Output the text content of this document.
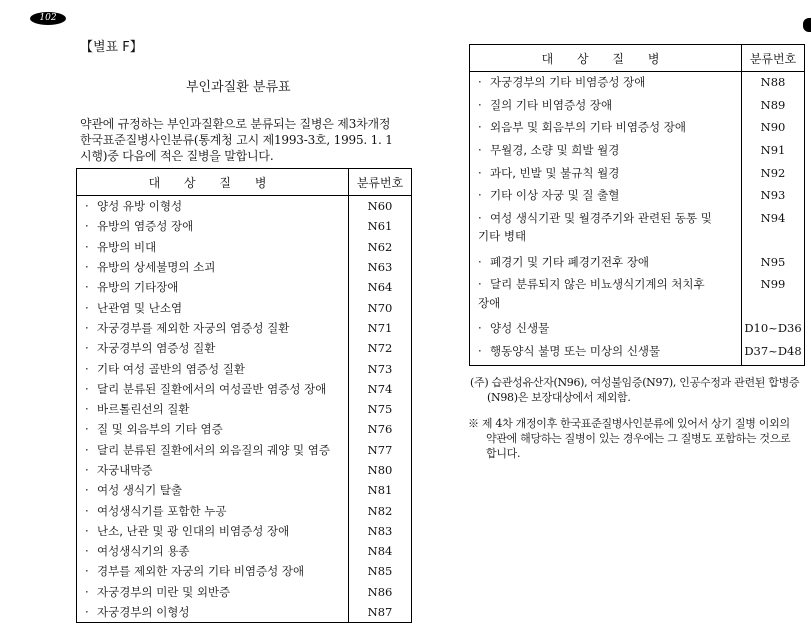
102
【별표 F】
부인과질환 분류표
약관에 규정하는 부인과질환으로 분류되는 질병은 제3차개정
한국표준질병사인분류(통계청 고시 제1993-3호, 1995. 1. 1
시행)중 다음에 적은 질병을 말합니다.
대 상 질 병	분류번호
· 양성 유방 이형성	N60
· 유방의 염증성 장애	N61
· 유방의 비대	N62
· 유방의 상세불명의 소괴	N63
· 유방의 기타장애	N64
· 난관염 및 난소염	N70
· 자궁경부를 제외한 자궁의 염증성 질환	N71
· 자궁경부의 염증성 질환	N72
· 기타 여성 골반의 염증성 질환	N73
· 달리 분류된 질환에서의 여성골반 염증성 장애	N74
· 바르톨린선의 질환	N75
· 질 및 외음부의 기타 염증	N76
· 달리 분류된 질환에서의 외음질의 궤양 및 염증	N77
· 자궁내막증	N80
· 여성 생식기 탈출	N81
· 여성생식기를 포함한 누공	N82
· 난소, 난관 및 광 인대의 비염증성 장애	N83
· 여성생식기의 용종	N84
· 경부를 제외한 자궁의 기타 비염증성 장애	N85
· 자궁경부의 미란 및 외반증	N86
· 자궁경부의 이형성	N87
대 상 질 병	분류번호

· 자궁경부의 기타 비염증성 장애	N88

· 질의 기타 비염증성 장애	N89

· 외음부 및 회음부의 기타 비염증성 장애	N90

· 무월경, 소량 및 희발 월경	N91

· 과다, 빈발 및 불규칙 월경	N92

· 기타 이상 자궁 및 질 출혈	N93

· 여성 생식기관 및 월경주기와 관련된 동통 및
기타 병태	N94

· 폐경기 및 기타 폐경기전후 장애	N95

· 달리 분류되지 않은 비뇨생식기계의 처치후
장애	N99

· 양성 신생물	D10~D36

· 행동양식 불명 또는 미상의 신생물	D37~D48

(주) 습관성유산자(N96), 여성불임증(N97), 인공수정과 관련된 합병증
(N98)은 보장대상에서 제외함.
※ 제 4차 개정이후 한국표준질병사인분류에 있어서 상기 질병 이외의
약관에 해당하는 질병이 있는 경우에는 그 질병도 포함하는 것으로
합니다.
